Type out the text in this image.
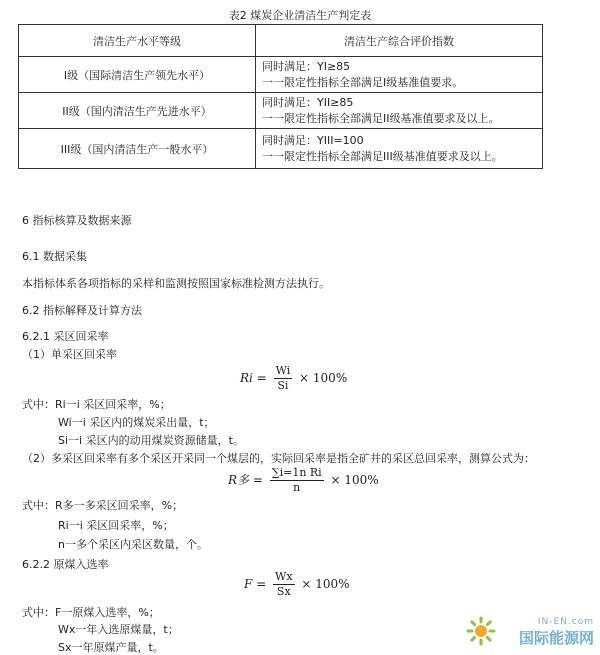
表2 煤炭企业清洁生产判定表
清洁生产水平等级	清洁生产综合评价指数
I级（国际清洁生产领先水平）	同时满足：YI≥85
一一限定性指标全部满足I级基准值要求。

II级（国内清洁生产先进水平）	同时满足：YII≥85
一一限定性指标全部满足II级基准值要求及以上。

III级（国内清洁生产一般水平）	同时满足：YIII=100
一一限定性指标全部满足III级基准值要求及以上。
6 指标核算及数据来源
6.1 数据采集
本指标体系各项指标的采样和监测按照国家标准检测方法执行。
6.2 指标解释及计算方法
6.2.1 采区回采率
（1）单采区回采率
$Ri = \frac{Wi}{Si} \times 100\%$
式中：Ri一i 采区回采率，%；
Wi一i 采区内的煤炭采出量，t；
Si一i 采区内的动用煤炭资源储量，t。
（2）多采区回采率有多个采区开采同一个煤层的，实际回采率是指全矿井的采区总回采率，测算公式为：
R多 = $\frac{\text{∑i=1n Ri}}{n} \times 100\%$
式中：R多一多采区回采率，%；
Ri一i 采区回采率，%；
n一多个采区内采区数量，个。
6.2.2 原煤入选率
$F = \frac{Wx}{Sx} \times 100\%$
式中：F一原煤入选率，%；
Wx一年入选原煤量，t；
Sx一年原煤产量，t。
IN-EN.com
国际能源网
